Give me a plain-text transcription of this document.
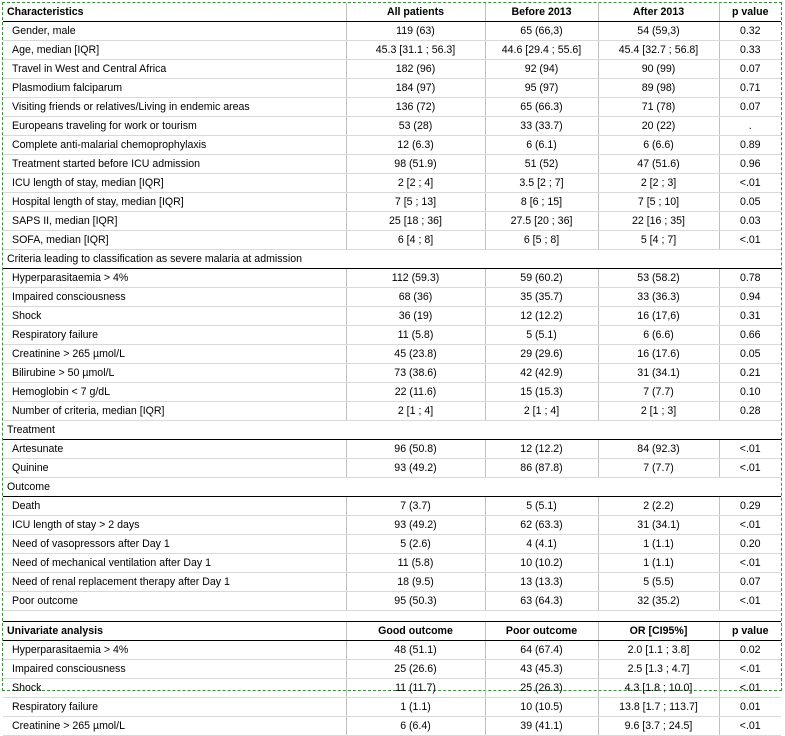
Characteristics	All patients	Before 2013	After 2013	p value
Gender, male	119 (63)	65 (66,3)	54 (59,3)	0.32
Age, median [IQR]	45.3 [31.1 ; 56.3]	44.6 [29.4 ; 55.6]	45.4 [32.7 ; 56.8]	0.33
Travel in West and Central Africa	182 (96)	92 (94)	90 (99)	0.07
Plasmodium falciparum	184 (97)	95 (97)	89 (98)	0.71
Visiting friends or relatives/Living in endemic areas	136 (72)	65 (66.3)	71 (78)	0.07
Europeans traveling for work or tourism	53 (28)	33 (33.7)	20 (22)	.
Complete anti-malarial chemoprophylaxis	12 (6.3)	6 (6.1)	6 (6.6)	0.89
Treatment started before ICU admission	98 (51.9)	51 (52)	47 (51.6)	0.96
ICU length of stay, median [IQR]	2 [2 ; 4]	3.5 [2 ; 7]	2 [2 ; 3]	<.01
Hospital length of stay, median [IQR]	7 [5 ; 13]	8 [6 ; 15]	7 [5 ; 10]	0.05
SAPS II, median [IQR]	25 [18 ; 36]	27.5 [20 ; 36]	22 [16 ; 35]	0.03
SOFA, median [IQR]	6 [4 ; 8]	6 [5 ; 8]	5 [4 ; 7]	<.01
Criteria leading to classification as severe malaria at admission				
Hyperparasitaemia > 4%	112 (59.3)	59 (60.2)	53 (58.2)	0.78
Impaired consciousness	68 (36)	35 (35.7)	33 (36.3)	0.94
Shock	36 (19)	12 (12.2)	16 (17,6)	0.31
Respiratory failure	11 (5.8)	5 (5.1)	6 (6.6)	0.66
Creatinine > 265 µmol/L	45 (23.8)	29 (29.6)	16 (17.6)	0.05
Bilirubine > 50 µmol/L	73 (38.6)	42 (42.9)	31 (34.1)	0.21
Hemoglobin < 7 g/dL	22 (11.6)	15 (15.3)	7 (7.7)	0.10
Number of criteria, median [IQR]	2 [1 ; 4]	2 [1 ; 4]	2 [1 ; 3]	0.28
Treatment				
Artesunate	96 (50.8)	12 (12.2)	84 (92.3)	<.01
Quinine	93 (49.2)	86 (87.8)	7 (7.7)	<.01
Outcome				
Death	7 (3.7)	5 (5.1)	2 (2.2)	0.29
ICU length of stay > 2 days	93 (49.2)	62 (63.3)	31 (34.1)	<.01
Need of vasopressors after Day 1	5 (2.6)	4 (4.1)	1 (1.1)	0.20
Need of mechanical ventilation after Day 1	11 (5.8)	10 (10.2)	1 (1.1)	<.01
Need of renal replacement therapy after Day 1	18 (9.5)	13 (13.3)	5 (5.5)	0.07
Poor outcome	95 (50.3)	63 (64.3)	32 (35.2)	<.01

Univariate analysis	Good outcome	Poor outcome	OR [CI95%]	p value
Hyperparasitaemia > 4%	48 (51.1)	64 (67.4)	2.0 [1.1 ; 3.8]	0.02
Impaired consciousness	25 (26.6)	43 (45.3)	2.5 [1.3 ; 4.7]	<.01
Shock	11 (11.7)	25 (26.3)	4.3 [1.8 ; 10.0]	<.01
Respiratory failure	1 (1.1)	10 (10.5)	13.8 [1.7 ; 113.7]	0.01
Creatinine > 265 µmol/L	6 (6.4)	39 (41.1)	9.6 [3.7 ; 24.5]	<.01
